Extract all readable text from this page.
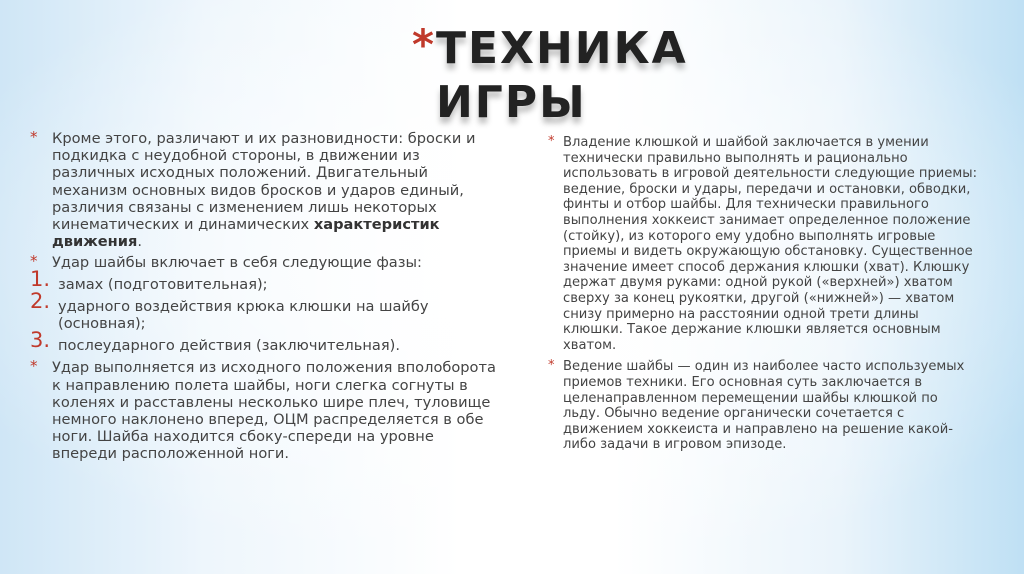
* ТЕХНИКА ИГРЫ
* Кроме этого, различают и их разновидности: броски и подкидка с неудобной стороны, в движении из различных исходных положений. Двигательный механизм основных видов бросков и ударов единый, различия связаны с изменением лишь некоторых кинематических и динамических характеристик движения.
* Удар шайбы включает в себя следующие фазы:
1. замах (подготовительная);
2. ударного воздействия крюка клюшки на шайбу (основная);
3. послеударного действия (заключительная).
* Удар выполняется из исходного положения вполоборота к направлению полета шайбы, ноги слегка согнуты в коленях и расставлены несколько шире плеч, туловище немного наклонено вперед, ОЦМ распределяется в обе ноги. Шайба находится сбоку-спереди на уровне впереди расположенной ноги.
* Владение клюшкой и шайбой заключается в умении технически правильно выполнять и рационально использовать в игровой деятельности следующие приемы: ведение, броски и удары, передачи и остановки, обводки, финты и отбор шайбы. Для технически правильного выполнения хоккеист занимает определенное положение (стойку), из которого ему удобно выполнять игровые приемы и видеть окружающую обстановку. Существенное значение имеет способ держания клюшки (хват). Клюшку держат двумя руками: одной рукой («верхней») хватом сверху за конец рукоятки, другой («нижней») — хватом снизу примерно на расстоянии одной трети длины клюшки. Такое держание клюшки является основным хватом.
* Ведение шайбы — один из наиболее часто используемых приемов техники. Его основная суть заключается в целенаправленном перемещении шайбы клюшкой по льду. Обычно ведение органически сочетается с движением хоккеиста и направлено на решение какой-либо задачи в игровом эпизоде.
